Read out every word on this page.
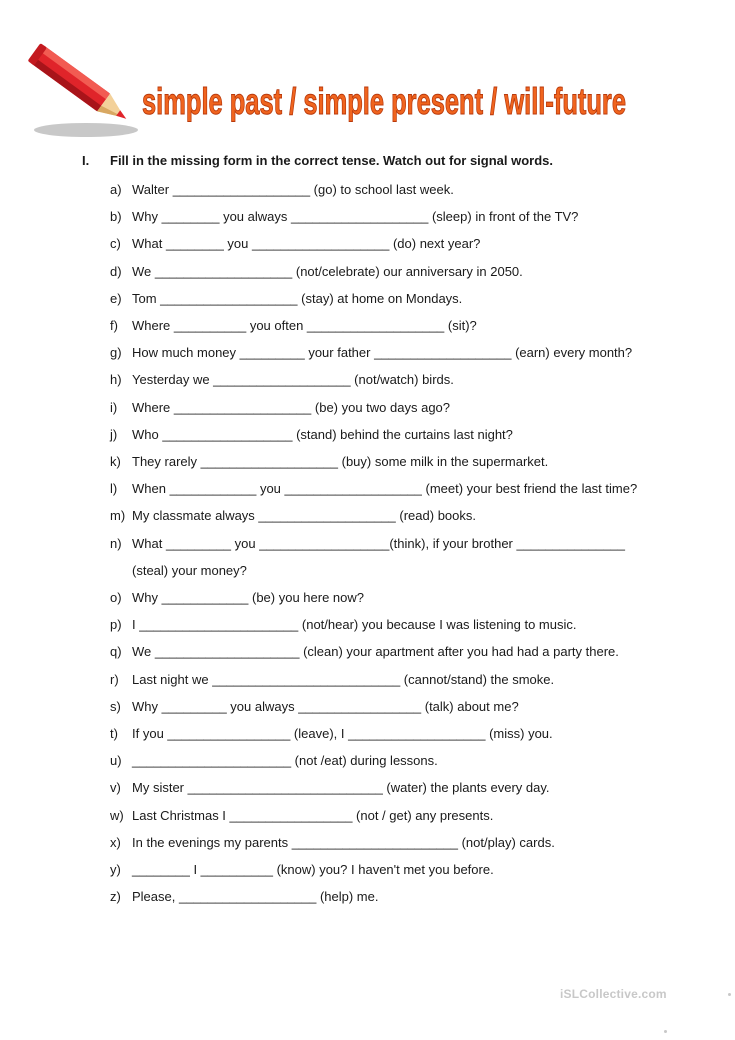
simple past / simple present / will-future
I. Fill in the missing form in the correct tense. Watch out for signal words.
a) Walter ___________________ (go) to school last week.
b) Why ________ you always ___________________ (sleep) in front of the TV?
c) What ________ you ___________________ (do) next year?
d) We ___________________ (not/celebrate) our anniversary in 2050.
e) Tom ___________________ (stay) at home on Mondays.
f)	Where __________ you often ___________________ (sit)?
g) How much money _________ your father ___________________ (earn) every month?
h) Yesterday we ___________________ (not/watch) birds.
i)	Where ___________________ (be) you two days ago?
j)	Who __________________ (stand) behind the curtains last night?
k) They rarely ___________________ (buy) some milk in the supermarket.
l)	When ____________ you ___________________ (meet) your best friend the last time?
m) My classmate always ___________________ (read) books.
n) What _________ you __________________(think), if your brother _______________
o) Why ____________ (be) you here now?
p) I ______________________ (not/hear) you because I was listening to music.
q) We ____________________ (clean) your apartment after you had had a party there.
r)	Last night we __________________________ (cannot/stand) the smoke.
s) Why _________ you always _________________ (talk) about me?
t)	If you _________________ (leave), I ___________________ (miss) you.
u) ______________________ (not /eat) during lessons.
v) My sister ___________________________ (water) the plants every day.
w) Last Christmas I _________________ (not / get) any presents.
x) In the evenings my parents _______________________ (not/play) cards.
y) ________ I __________ (know) you? I haven't met you before.
z) Please, ___________________ (help) me.
(steal) your money?
iSLCollective.com
